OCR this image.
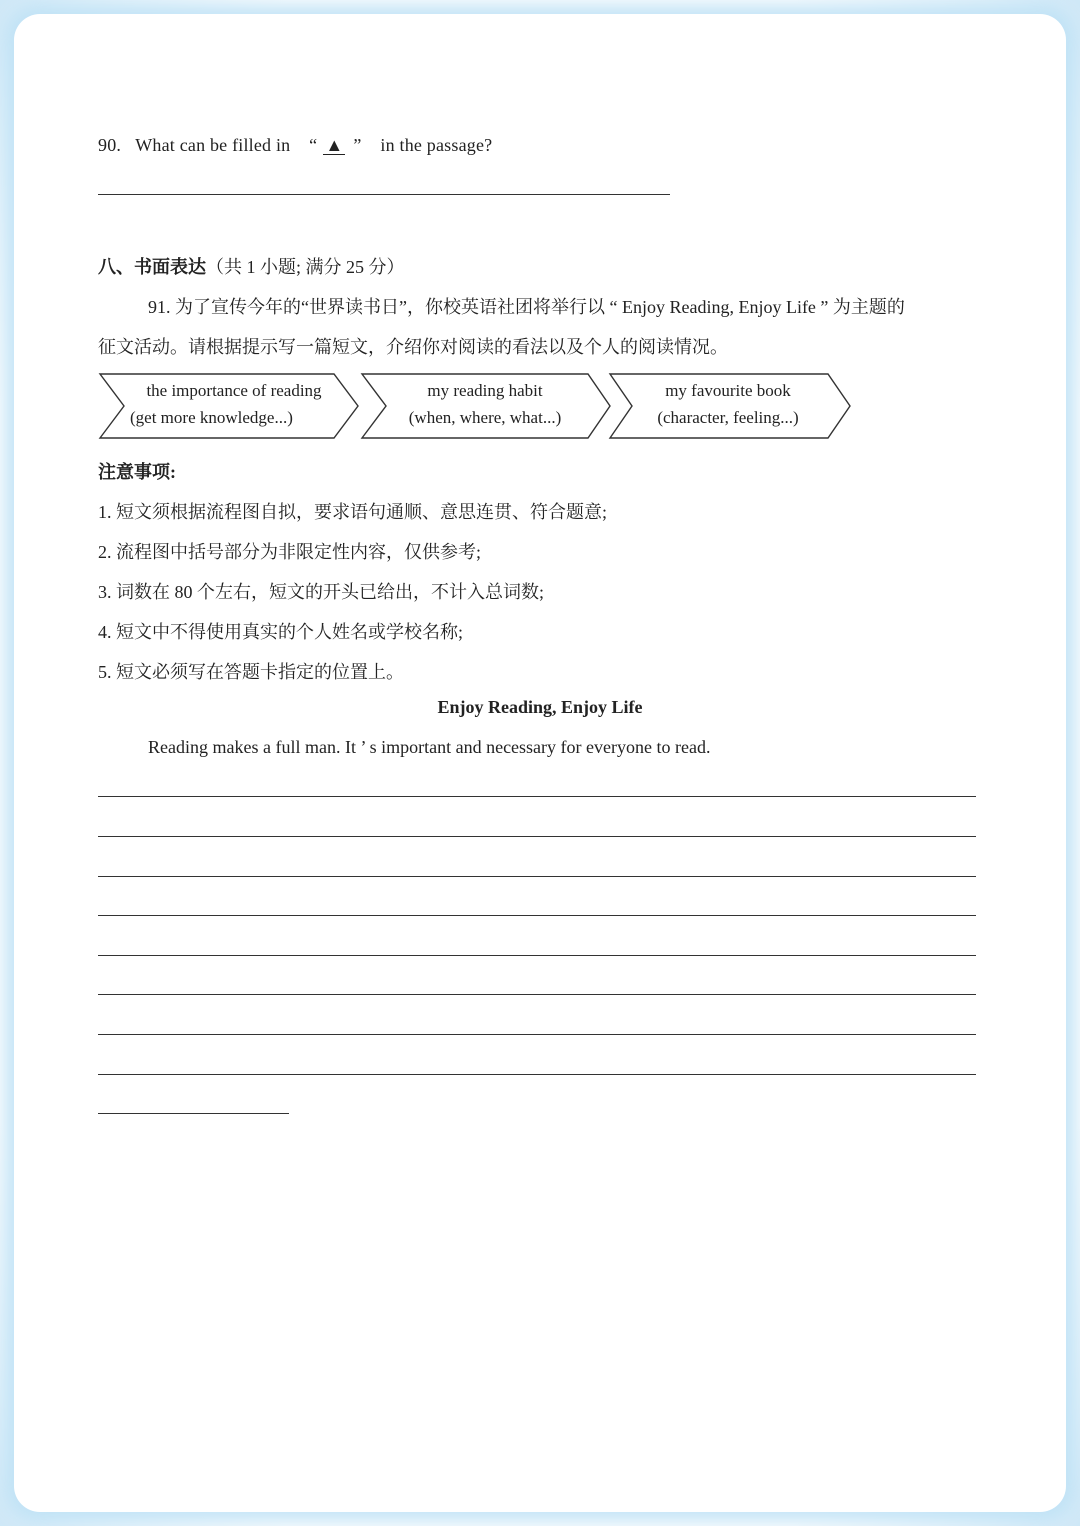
90. What can be filled in “ ▲ ” in the passage?
八、书面表达（共 1 小题; 满分 25 分）
91. 为了宣传今年的“世界读书日”，你校英语社团将举行以 “ Enjoy Reading, Enjoy Life ” 为主题的
征文活动。请根据提示写一篇短文，介绍你对阅读的看法以及个人的阅读情况。
the importance of reading
(get more knowledge...)
my reading habit
(when, where, what...)
my favourite book
(character, feeling...)
注意事项:
1. 短文须根据流程图自拟，要求语句通顺、意思连贯、符合题意;
2. 流程图中括号部分为非限定性内容，仅供参考;
3. 词数在 80 个左右，短文的开头已给出，不计入总词数;
4. 短文中不得使用真实的个人姓名或学校名称;
5. 短文必须写在答题卡指定的位置上。
Enjoy Reading, Enjoy Life
Reading makes a full man. It ’ s important and necessary for everyone to read.
